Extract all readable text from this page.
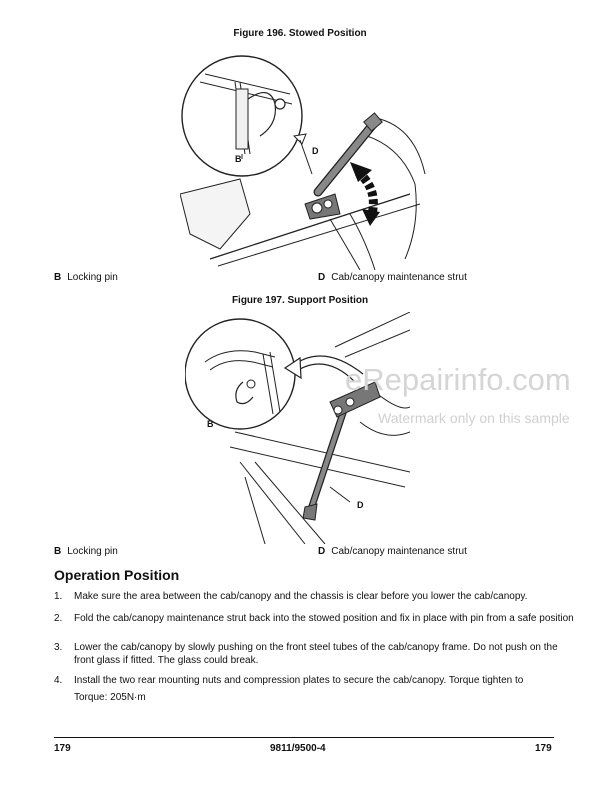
Figure 196. Stowed Position
B
D
B Locking pin	D Cab/canopy maintenance strut
Figure 197. Support Position
B
D
eRepairinfo.com
Watermark only on this sample
B Locking pin	D Cab/canopy maintenance strut
Operation Position
1. Make sure the area between the cab/canopy and the chassis is clear before you lower the cab/canopy.
2. Fold the cab/canopy maintenance strut back into the stowed position and fix in place with pin from a safe position
3. Lower the cab/canopy by slowly pushing on the front steel tubes of the cab/canopy frame. Do not push on the front glass if fitted. The glass could break.
4. Install the two rear mounting nuts and compression plates to secure the cab/canopy. Torque tighten to
Torque: 205N·m
179	9811/9500-4	179
